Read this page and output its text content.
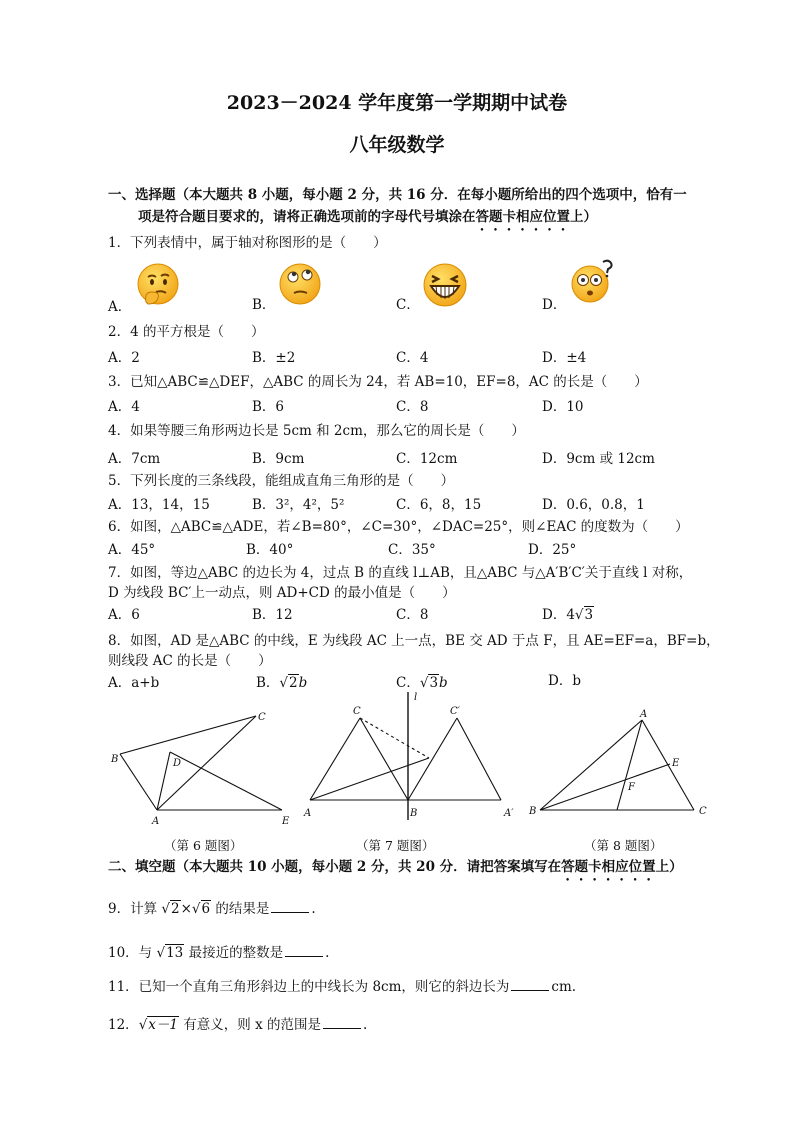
2023－2024 学年度第一学期期中试卷
八年级数学
一、选择题（本大题共 8 小题，每小题 2 分，共 16 分．在每小题所给出的四个选项中，恰有一
项是符合题目要求的，请将正确选项前的字母代号填涂在答题卡相应位置上）
1．下列表情中，属于轴对称图形的是（　　）
A．	B．	C．	D．
2．4 的平方根是（　　）
A．2	B．±2	C．4	D．±4
3．已知△ABC≌△DEF，△ABC 的周长为 24，若 AB=10，EF=8，AC 的长是（　　）
A．4	B．6	C．8	D．10
4．如果等腰三角形两边长是 5cm 和 2cm，那么它的周长是（　　）
A．7cm	B．9cm	C．12cm	D．9cm 或 12cm
5．下列长度的三条线段，能组成直角三角形的是（　　）
A．13，14，15	B．3²，4²，5²	C．6，8，15	D．0.6，0.8，1
6．如图，△ABC≌△ADE，若∠B=80°，∠C=30°，∠DAC=25°，则∠EAC 的度数为（　　）
A．45°	B．40°	C．35°	D．25°
7．如图，等边△ABC 的边长为 4，过点 B 的直线 l⊥AB，且△ABC 与△A′B′C′关于直线 l 对称，
D 为线段 BC′上一动点，则 AD+CD 的最小值是（　　）
A．6	B．12	C．8	D．4√3
8．如图，AD 是△ABC 的中线，E 为线段 AC 上一点，BE 交 AD 于点 F，且 AE=EF=a，BF=b，
则线段 AC 的长是（　　）
A．a+b	B．√2b	C．√3b	D．b
B
C
D
A	E
（第 6 题图）
C
l
C′
A	B	A′
（第 7 题图）
A
E
F
B	C
（第 8 题图）
二、填空题（本大题共 10 小题，每小题 2 分，共 20 分．请把答案填写在答题卡相应位置上）
9．计算 √2×√6 的结果是	.
10．与 √13 最接近的整数是	.
11．已知一个直角三角形斜边上的中线长为 8cm，则它的斜边长为	cm.
12．√x－1 有意义，则 x 的范围是	.
